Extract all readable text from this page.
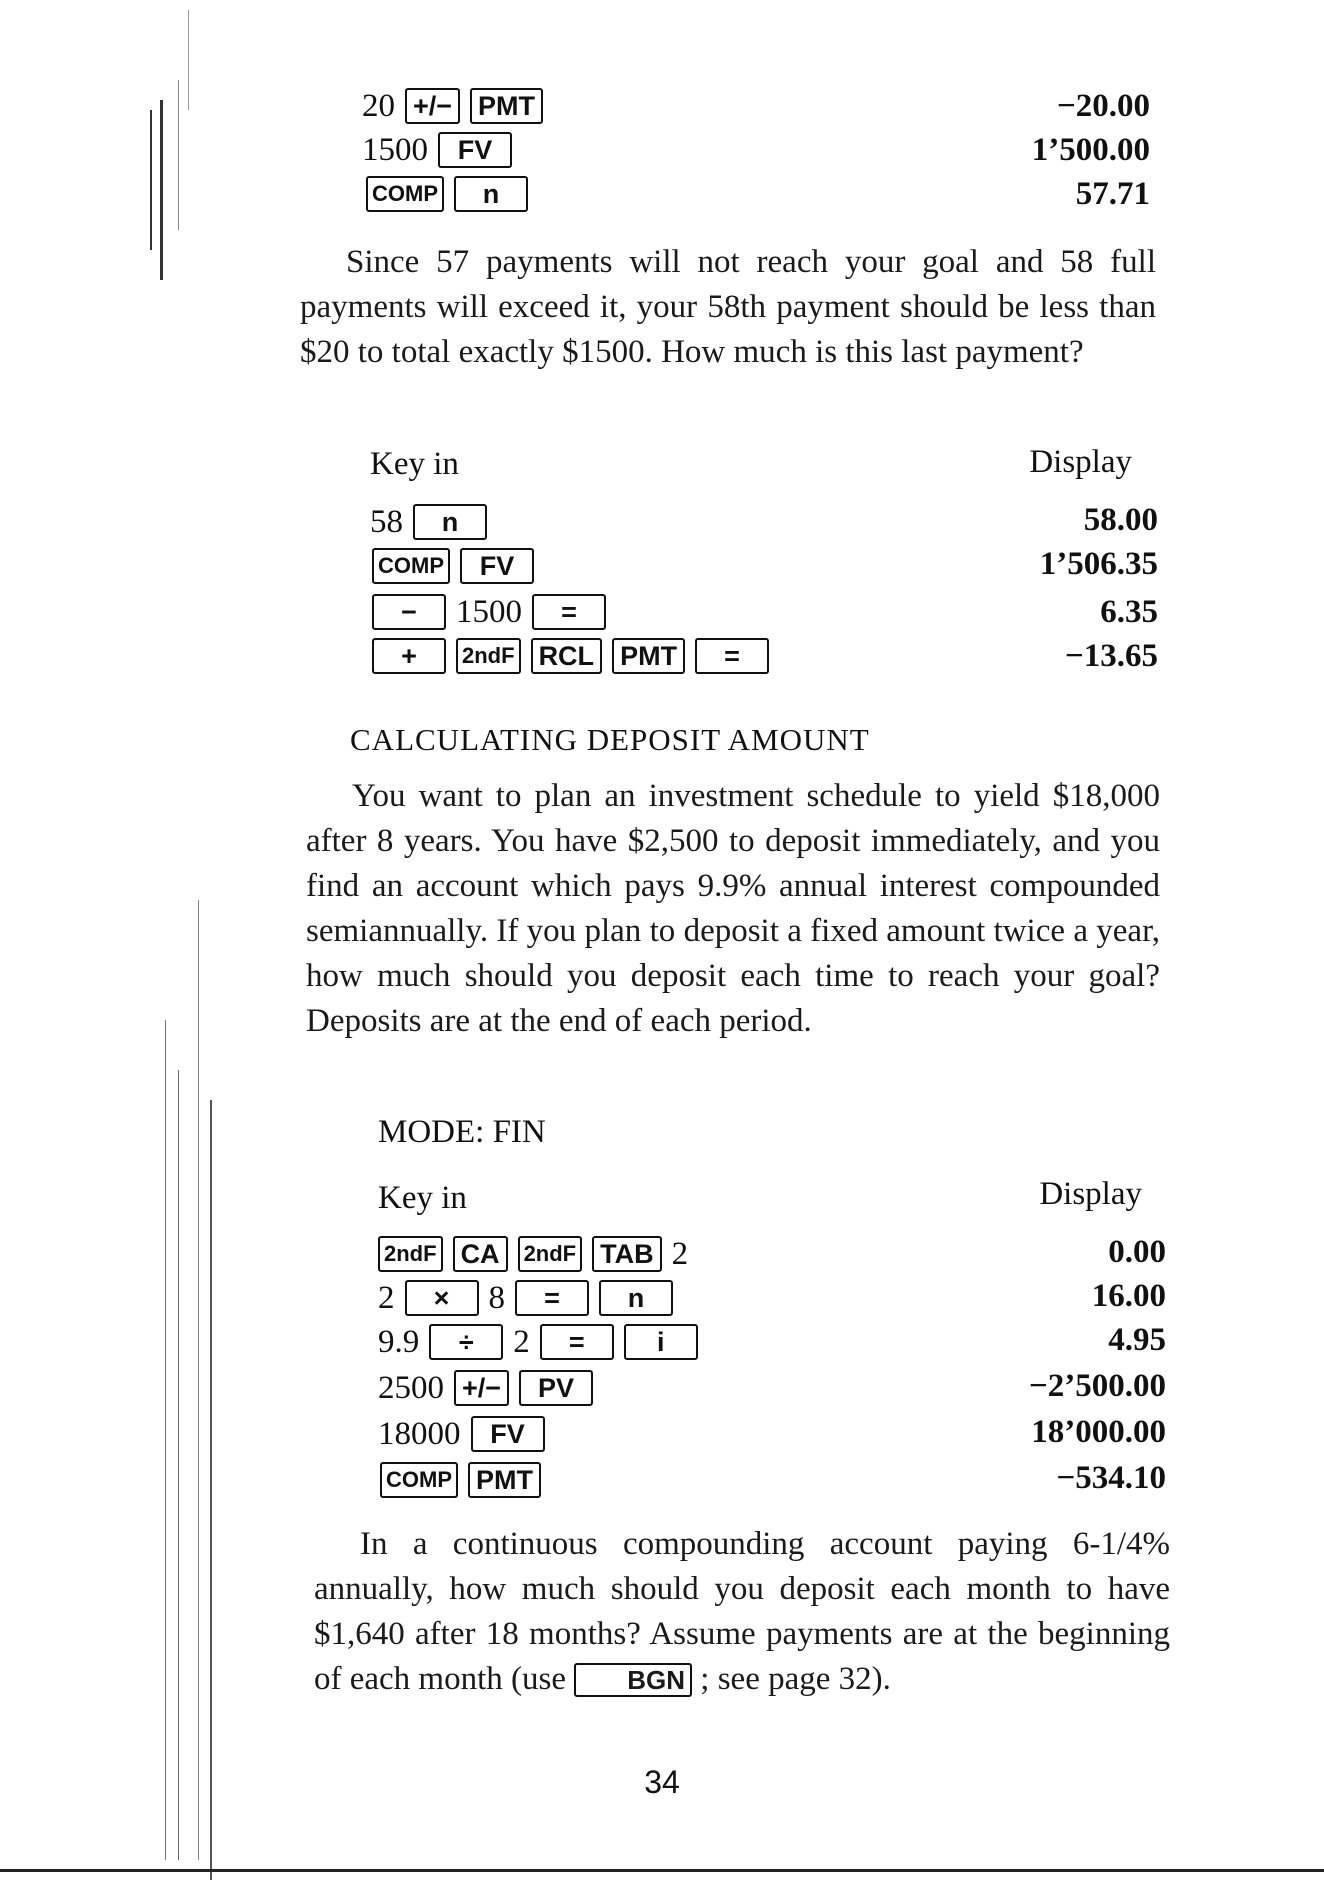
20 +/− PMT	−20.00
1500	FV	1’500.00
COMP	n	57.71
Since 57 payments will not reach your goal and 58 full payments will exceed it, your 58th payment should be less than $20 to total exactly $1500. How much is this last payment?
Key in	Display
58	n	58.00
COMP	FV	1’506.35
−	1500	=	6.35
+	2ndF RCL PMT	=	−13.65
CALCULATING DEPOSIT AMOUNT
You want to plan an investment schedule to yield $18,000 after 8 years. You have $2,500 to deposit immediately, and you find an account which pays 9.9% annual interest compounded semiannually. If you plan to deposit a fixed amount twice a year, how much should you deposit each time to reach your goal? Deposits are at the end of each period.
MODE: FIN
Key in	Display
2ndF CA	2ndF TAB 2	0.00
2	×	8	=	n	16.00
9.9	÷	2	=	i	4.95
2500 +/−	PV	−2’500.00
18000	FV	18’000.00
COMP PMT	−534.10
In a continuous compounding account paying 6-1/4% annually, how much should you deposit each month to have $1,640 after 18 months? Assume payments are at the beginning of each month (use BGN ; see page 32).
34
